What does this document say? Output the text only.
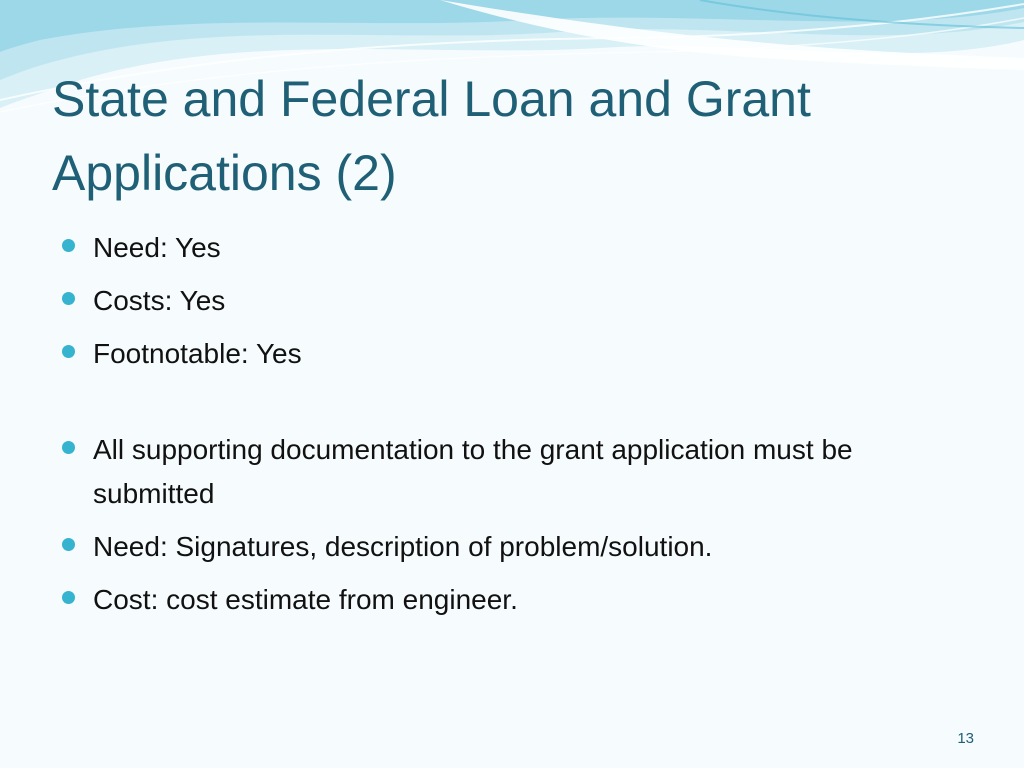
State and Federal Loan and Grant
Applications (2)
Need: Yes
Costs: Yes
Footnotable: Yes
All supporting documentation to the grant application must be submitted
Need: Signatures, description of problem/solution.
Cost: cost estimate from engineer.
13
